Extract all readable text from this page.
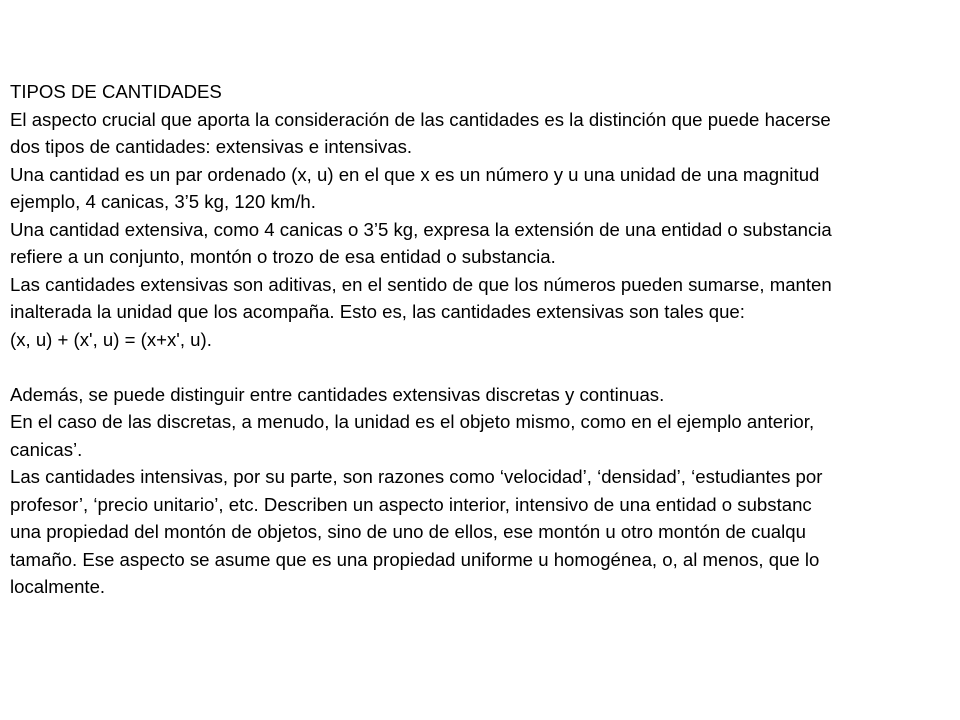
TIPOS DE CANTIDADES
El aspecto crucial que aporta la consideración de las cantidades es la distinción que puede hacerse
dos tipos de cantidades: extensivas e intensivas.
Una cantidad es un par ordenado (x, u) en el que x es un número y u una unidad de una magnitud
ejemplo, 4 canicas, 3’5 kg, 120 km/h.
Una cantidad extensiva, como 4 canicas o 3’5 kg, expresa la extensión de una entidad o substancia
refiere a un conjunto, montón o trozo de esa entidad o substancia.
Las cantidades extensivas son aditivas, en el sentido de que los números pueden sumarse, manten
inalterada la unidad que los acompaña. Esto es, las cantidades extensivas son tales que:
(x, u) + (x', u) = (x+x', u).
Además, se puede distinguir entre cantidades extensivas discretas y continuas.
En el caso de las discretas, a menudo, la unidad es el objeto mismo, como en el ejemplo anterior,
canicas’.
Las cantidades intensivas, por su parte, son razones como ‘velocidad’, ‘densidad’, ‘estudiantes por
profesor’, ‘precio unitario’, etc. Describen un aspecto interior, intensivo de una entidad o substanc
una propiedad del montón de objetos, sino de uno de ellos, ese montón u otro montón de cualqu
tamaño. Ese aspecto se asume que es una propiedad uniforme u homogénea, o, al menos, que lo
localmente.
